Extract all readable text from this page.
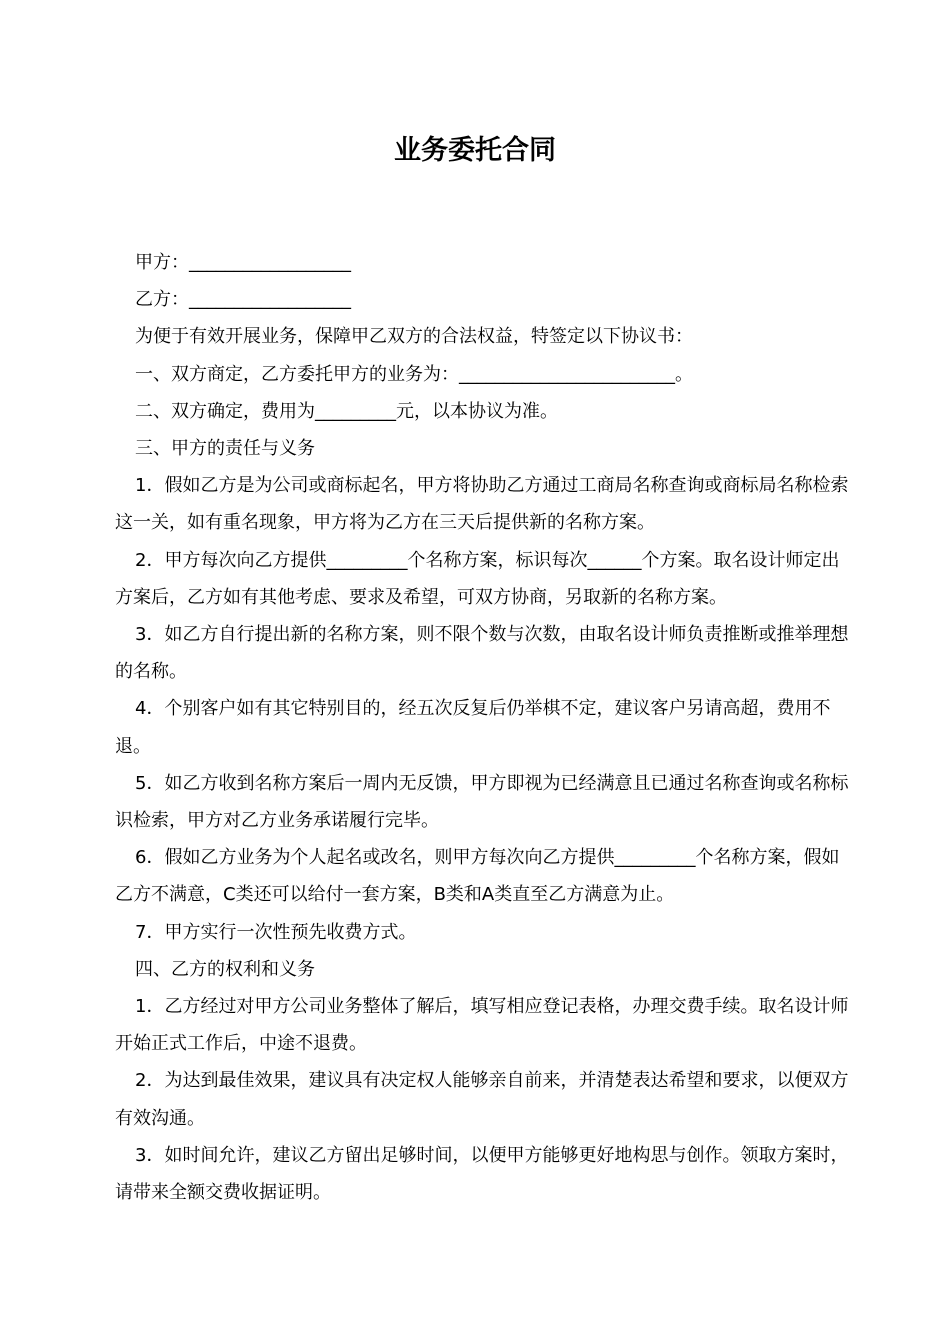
业务委托合同

甲方：__________________

乙方：__________________

为便于有效开展业务，保障甲乙双方的合法权益，特签定以下协议书：

一、双方商定，乙方委托甲方的业务为：________________________。

二、双方确定，费用为_________元，以本协议为准。

三、甲方的责任与义务

1．假如乙方是为公司或商标起名，甲方将协助乙方通过工商局名称查询或商标局名称检索这一关，如有重名现象，甲方将为乙方在三天后提供新的名称方案。

2．甲方每次向乙方提供_________个名称方案，标识每次______个方案。取名设计师定出方案后，乙方如有其他考虑、要求及希望，可双方协商，另取新的名称方案。

3．如乙方自行提出新的名称方案，则不限个数与次数，由取名设计师负责推断或推举理想的名称。

4．个别客户如有其它特别目的，经五次反复后仍举棋不定，建议客户另请高超，费用不退。

5．如乙方收到名称方案后一周内无反馈，甲方即视为已经满意且已通过名称查询或名称标识检索，甲方对乙方业务承诺履行完毕。

6．假如乙方业务为个人起名或改名，则甲方每次向乙方提供_________个名称方案，假如乙方不满意，C类还可以给付一套方案，B类和A类直至乙方满意为止。

7．甲方实行一次性预先收费方式。

四、乙方的权利和义务

1．乙方经过对甲方公司业务整体了解后，填写相应登记表格，办理交费手续。取名设计师开始正式工作后，中途不退费。

2．为达到最佳效果，建议具有决定权人能够亲自前来，并清楚表达希望和要求，以便双方有效沟通。

3．如时间允许，建议乙方留出足够时间，以便甲方能够更好地构思与创作。领取方案时，请带来全额交费收据证明。
